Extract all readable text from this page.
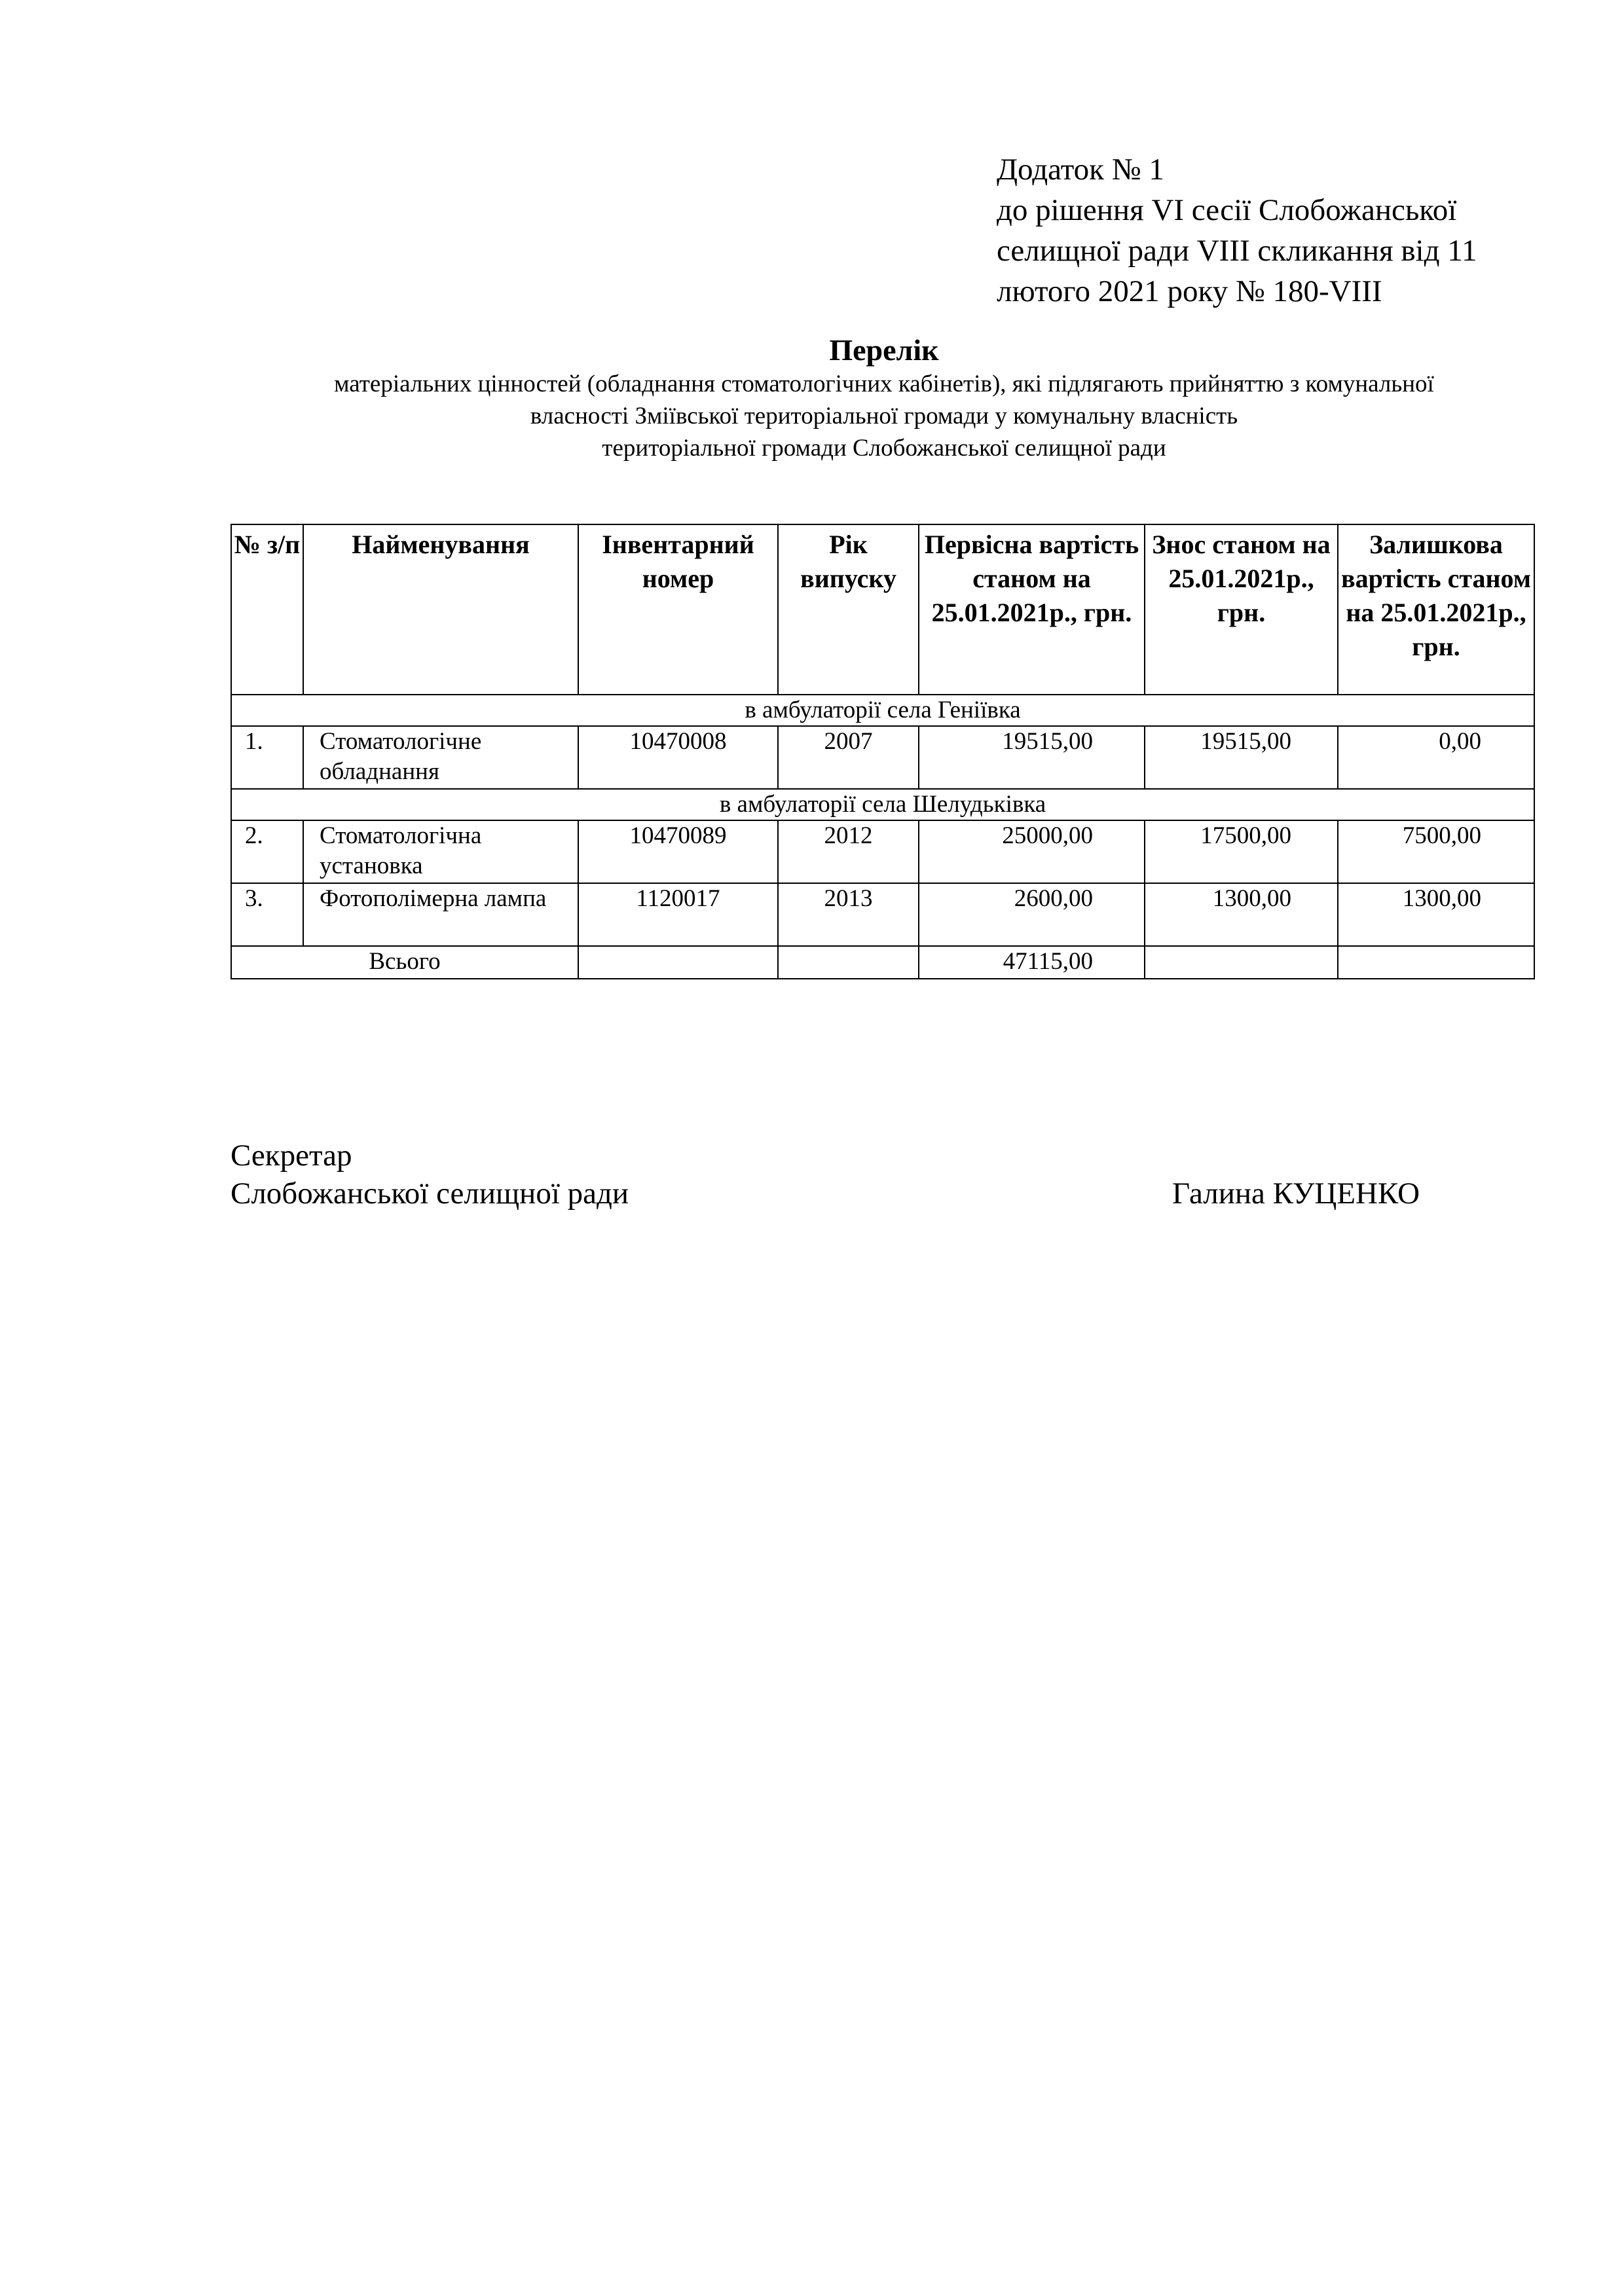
Додаток № 1
до рішення VI сесії Слобожанської
селищної ради VIII скликання від 11
лютого 2021 року № 180-VIII
Перелік
матеріальних цінностей (обладнання стоматологічних кабінетів), які підлягають прийняттю з комунальної
власності Зміївської територіальної громади у комунальну власність
територіальної громади Слобожанської селищної ради
№ з/п	Найменування	Інвентарний номер	Рік випуску	Первісна вартість станом на 25.01.2021р., грн.	Знос станом на 25.01.2021р., грн.	Залишкова вартість станом на 25.01.2021р., грн.
в амбулаторії села Геніївка						
1.	Стоматологічне обладнання	10470008	2007	19515,00	19515,00	0,00
в амбулаторії села Шелудьківка						
2.	Стоматологічна установка	10470089	2012	25000,00	17500,00	7500,00
3.	Фотополімерна лампа	1120017	2013	2600,00	1300,00	1300,00
Всього				47115,00		
Секретар
Слобожанської селищної ради	Галина КУЦЕНКО
